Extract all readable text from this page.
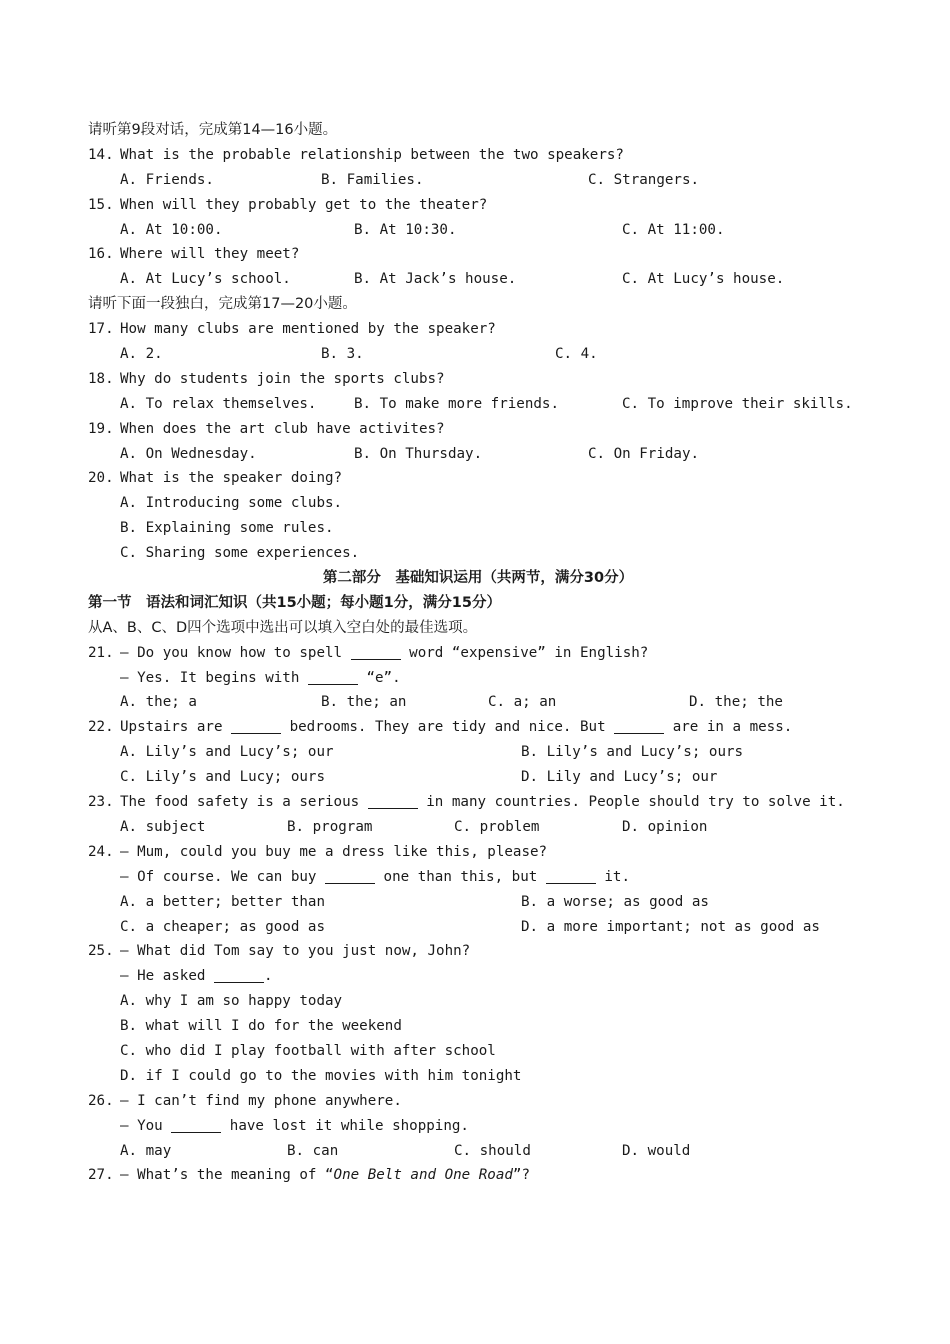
请听第9段对话，完成第14—16小题。
14. What is the probable relationship between the two speakers?

A. Friends.

	B. Families.

	C. Strangers.

15. When will they probably get to the theater?

A. At 10:00.

	B. At 10:30.

	C. At 11:00.

16. Where will they meet?

A. At Lucy’s school.

	B. At Jack’s house.

	C. At Lucy’s house.

请听下面一段独白，完成第17—20小题。
17. How many clubs are mentioned by the speaker?

A. 2.

	B. 3.

	C. 4.

18. Why do students join the sports clubs?

A. To relax themselves.

	B. To make more friends.

	C. To improve their skills.

19. When does the art club have activites?

A. On Wednesday.

	B. On Thursday.

	C. On Friday.

20. What is the speaker doing?
A. Introducing some clubs.
B. Explaining some rules.
C. Sharing some experiences.
第二部分　基础知识运用（共两节，满分30分）
第一节　语法和词汇知识（共15小题；每小题1分，满分15分）
从A、B、C、D四个选项中选出可以填入空白处的最佳选项。
21. — Do you know how to spell	word “expensive” in English?
— Yes. It begins with	“e”.

A. the; a

	B. the; an

	C. a; an

	D. the; the

22. Upstairs are	bedrooms. They are tidy and nice. But	are in a mess.

A. Lily’s and Lucy’s; our

	B. Lily’s and Lucy’s; ours

C. Lily’s and Lucy; ours

	D. Lily and Lucy’s; our

23. The food safety is a serious	in many countries. People should try to solve it.

A. subject

	B. program

	C. problem

	D. opinion

24. — Mum, could you buy me a dress like this, please?
— Of course. We can buy	one than this, but	it.

A. a better; better than

	B. a worse; as good as

C. a cheaper; as good as

	D. a more important; not as good as

25. — What did Tom say to you just now, John?
— He asked	.
A. why I am so happy today
B. what will I do for the weekend
C. who did I play football with after school
D. if I could go to the movies with him tonight
26. — I can’t find my phone anywhere.
— You	have lost it while shopping.

A. may

	B. can

	C. should

	D. would

27. — What’s the meaning of “One Belt and One Road”?
